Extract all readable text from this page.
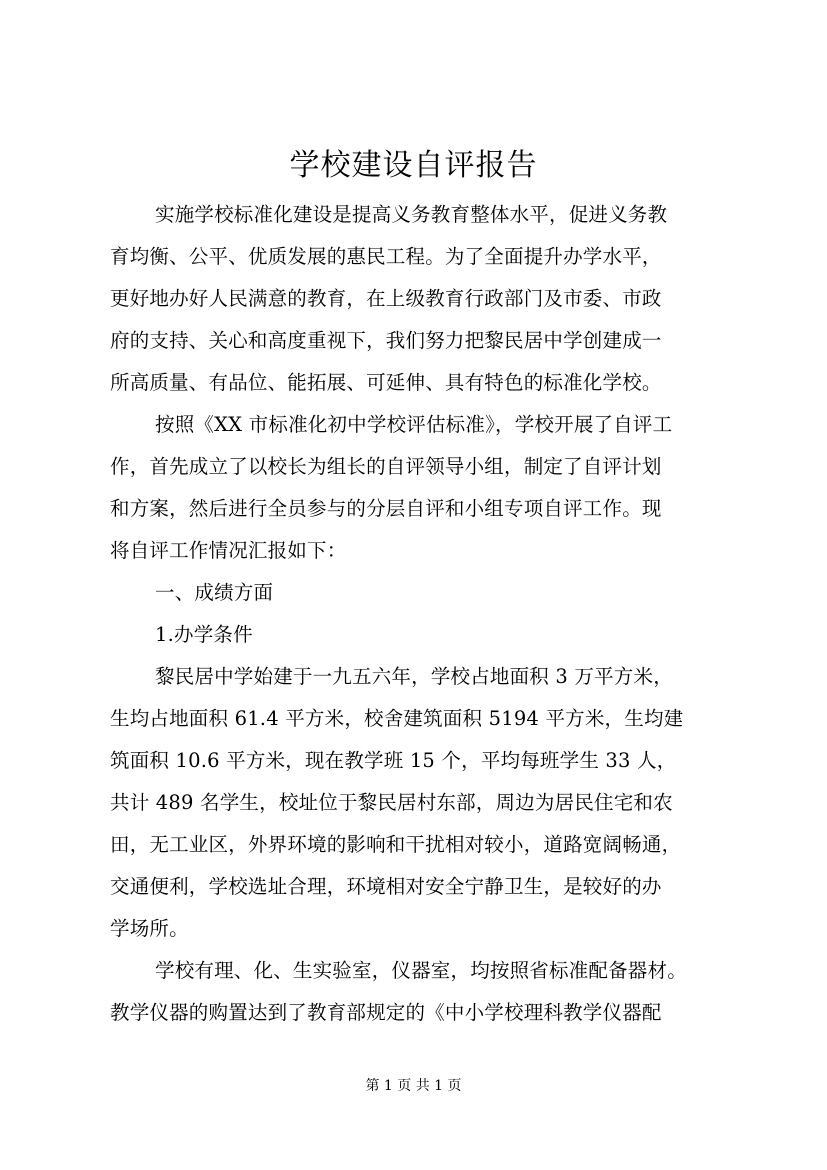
学校建设自评报告
实施学校标准化建设是提高义务教育整体水平，促进义务教
育均衡、公平、优质发展的惠民工程。为了全面提升办学水平，
更好地办好人民满意的教育，在上级教育行政部门及市委、市政
府的支持、关心和高度重视下，我们努力把黎民居中学创建成一
所高质量、有品位、能拓展、可延伸、具有特色的标准化学校。
按照《XX 市标准化初中学校评估标准》，学校开展了自评工
作，首先成立了以校长为组长的自评领导小组，制定了自评计划
和方案，然后进行全员参与的分层自评和小组专项自评工作。现
将自评工作情况汇报如下：
一、成绩方面
1.办学条件
黎民居中学始建于一九五六年，学校占地面积 3 万平方米，
生均占地面积 61.4 平方米，校舍建筑面积 5194 平方米，生均建
筑面积 10.6 平方米，现在教学班 15 个，平均每班学生 33 人，
共计 489 名学生，校址位于黎民居村东部，周边为居民住宅和农
田，无工业区，外界环境的影响和干扰相对较小，道路宽阔畅通，
交通便利，学校选址合理，环境相对安全宁静卫生，是较好的办
学场所。
学校有理、化、生实验室，仪器室，均按照省标准配备器材。
教学仪器的购置达到了教育部规定的《中小学校理科教学仪器配
第 1 页 共 1 页
